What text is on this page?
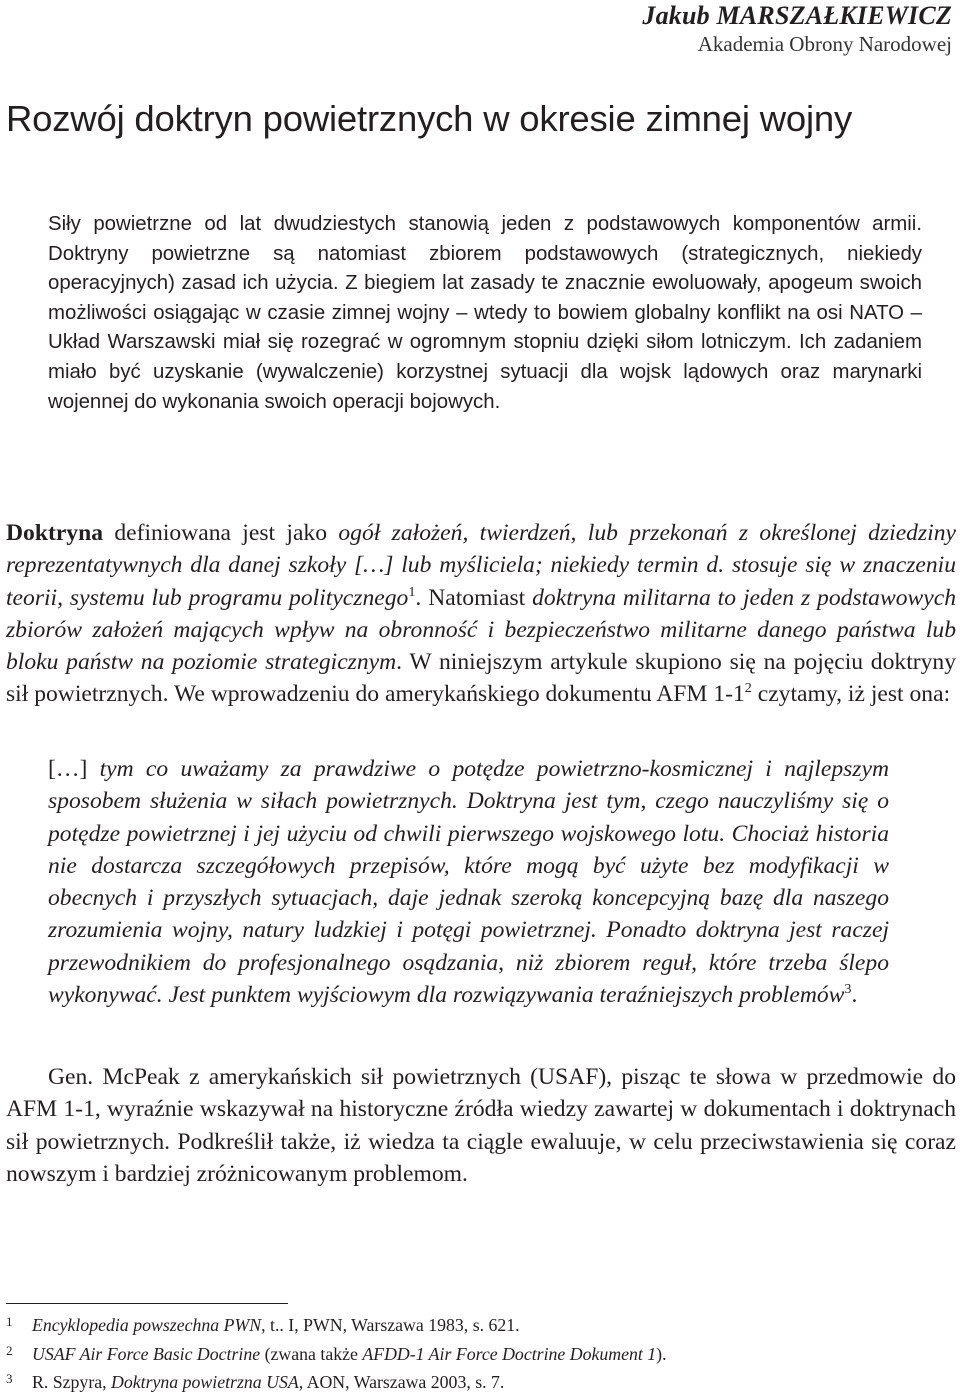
Jakub MARSZAŁKIEWICZ
Akademia Obrony Narodowej
Rozwój doktryn powietrznych w okresie zimnej wojny

Siły powietrzne od lat dwudziestych stanowią jeden z podstawowych komponentów armii. Doktryny powietrzne są natomiast zbiorem podstawowych (strategicznych, niekiedy operacyjnych) zasad ich użycia. Z biegiem lat zasady te znacznie ewoluowały, apogeum swoich możliwości osiągając w czasie zimnej wojny – wtedy to bowiem globalny konflikt na osi NATO – Układ Warszawski miał się rozegrać w ogromnym stopniu dzięki siłom lotniczym. Ich zadaniem miało być uzyskanie (wywalczenie) korzystnej sytuacji dla wojsk lądowych oraz marynarki wojennej do wykonania swoich operacji bojowych.

Doktryna definiowana jest jako ogół założeń, twierdzeń, lub przekonań z określonej dziedziny reprezentatywnych dla danej szkoły […] lub myśliciela; niekiedy termin d. stosuje się w znaczeniu teorii, systemu lub programu politycznego$^1$. Natomiast doktryna militarna to jeden z podstawowych zbiorów założeń mających wpływ na obronność i bezpieczeństwo militarne danego państwa lub bloku państw na poziomie strategicznym. W niniejszym artykule skupiono się na pojęciu doktryny sił powietrznych. We wprowadzeniu do amerykańskiego dokumentu AFM $1-1^2$ czytamy, iż jest ona:

[…] tym co uważamy za prawdziwe o potędze powietrzno-kosmicznej i najlepszym sposobem służenia w siłach powietrznych. Doktryna jest tym, czego nauczyliśmy się o potędze powietrznej i jej użyciu od chwili pierwszego wojskowego lotu. Chociaż historia nie dostarcza szczegółowych przepisów, które mogą być użyte bez modyfikacji w obecnych i przyszłych sytuacjach, daje jednak szeroką koncepcyjną bazę dla naszego zrozumienia wojny, natury ludzkiej i potęgi powietrznej. Ponadto doktryna jest raczej przewodnikiem do profesjonalnego osądzania, niż zbiorem reguł, które trzeba ślepo wykonywać. Jest punktem wyjściowym dla rozwiązywania teraźniejszych problemów$^3$.

Gen. McPeak z amerykańskich sił powietrznych (USAF), pisząc te słowa w przedmowie do AFM 1-1, wyraźnie wskazywał na historyczne źródła wiedzy zawartej w dokumentach i doktrynach sił powietrznych. Podkreślił także, iż wiedza ta ciągle ewaluuje, w celu przeciwstawienia się coraz nowszym i bardziej zróżnicowanym problemom.

1 Encyklopedia powszechna PWN, t.. I, PWN, Warszawa 1983, s. 621.

2 USAF Air Force Basic Doctrine (zwana także AFDD-1 Air Force Doctrine Dokument 1).

3 R. Szpyra, Doktryna powietrzna USA, AON, Warszawa 2003, s. 7.
